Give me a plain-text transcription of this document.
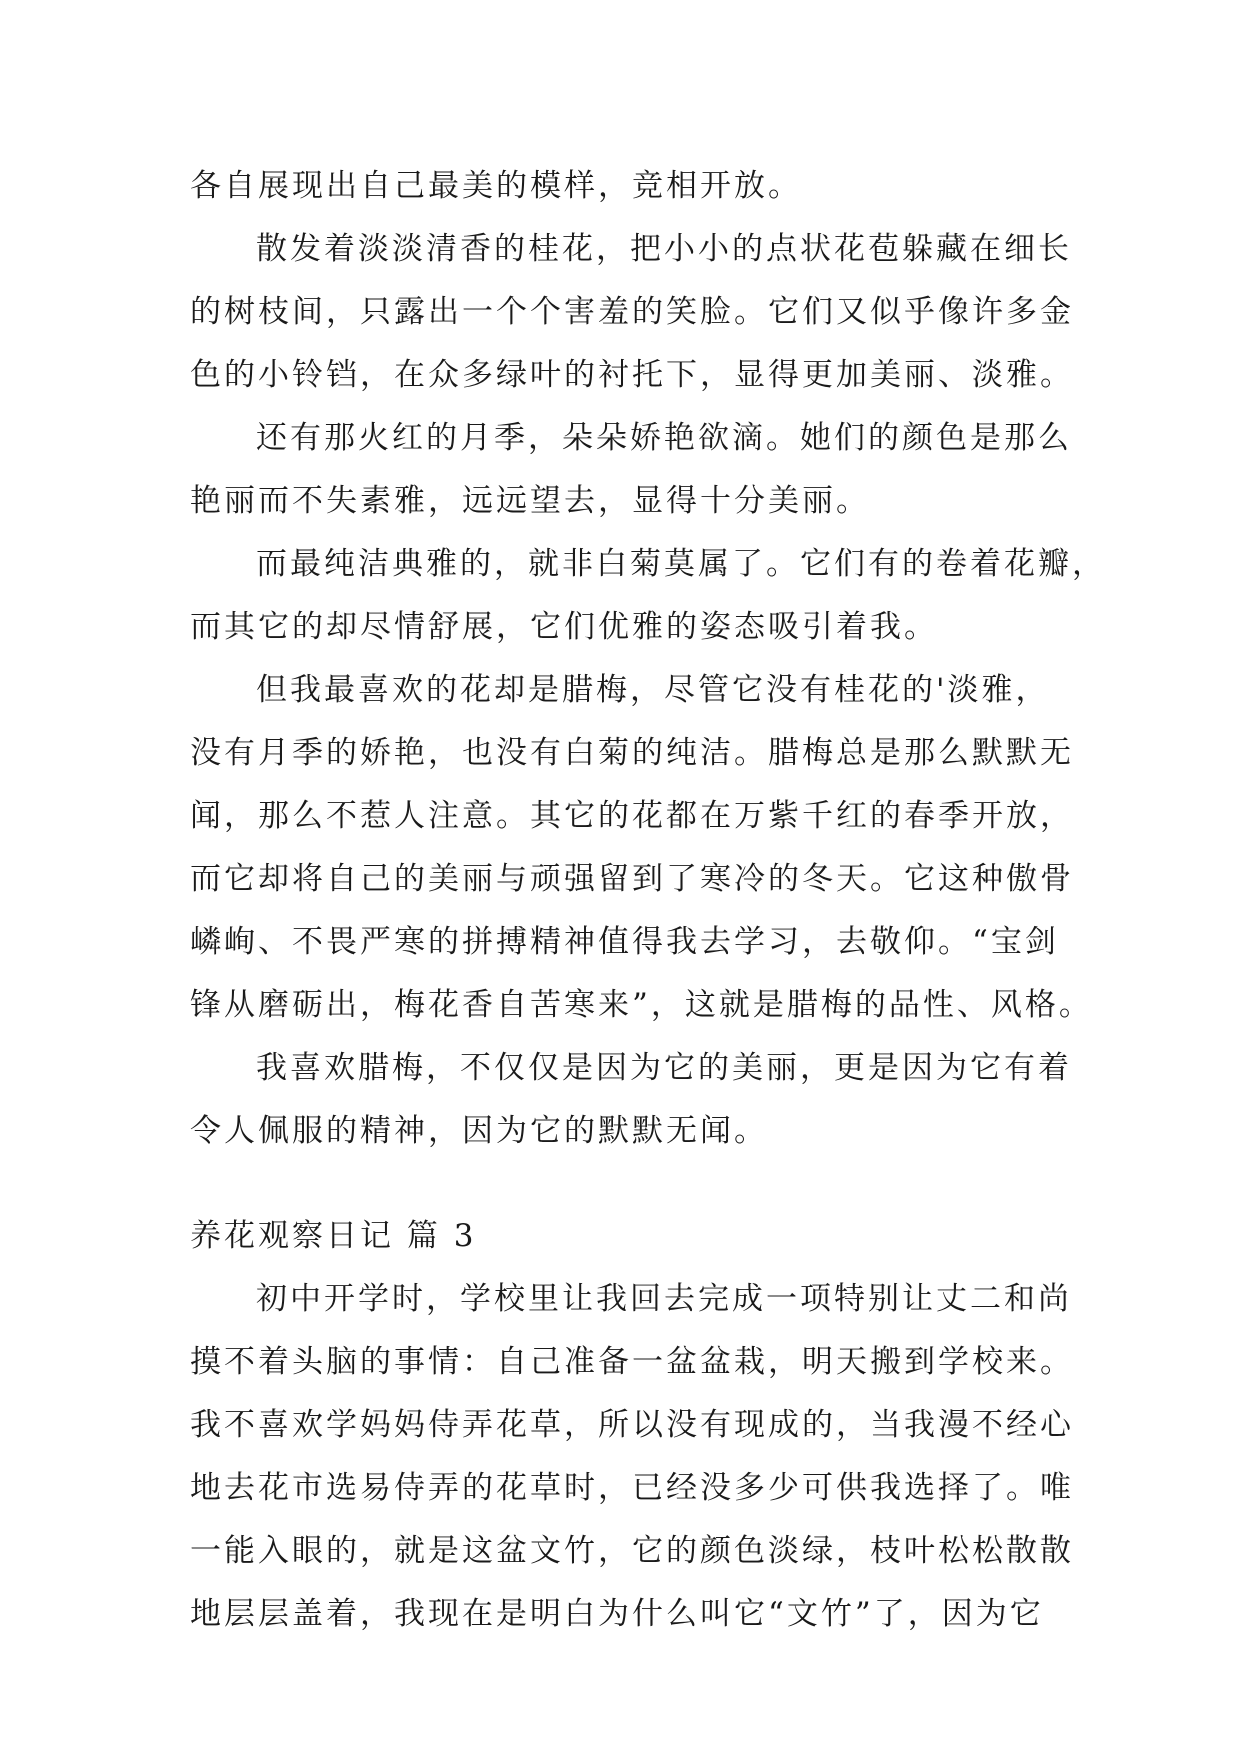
各自展现出自己最美的模样，竞相开放。
散发着淡淡清香的桂花，把小小的点状花苞躲藏在细长
的树枝间，只露出一个个害羞的笑脸。它们又似乎像许多金
色的小铃铛，在众多绿叶的衬托下，显得更加美丽、淡雅。
还有那火红的月季，朵朵娇艳欲滴。她们的颜色是那么
艳丽而不失素雅，远远望去，显得十分美丽。
而最纯洁典雅的，就非白菊莫属了。它们有的卷着花瓣，
而其它的却尽情舒展，它们优雅的姿态吸引着我。
但我最喜欢的花却是腊梅，尽管它没有桂花的'淡雅，
没有月季的娇艳，也没有白菊的纯洁。腊梅总是那么默默无
闻，那么不惹人注意。其它的花都在万紫千红的春季开放，
而它却将自己的美丽与顽强留到了寒冷的冬天。它这种傲骨
嶙峋、不畏严寒的拼搏精神值得我去学习，去敬仰。“宝剑
锋从磨砺出，梅花香自苦寒来”，这就是腊梅的品性、风格。
我喜欢腊梅，不仅仅是因为它的美丽，更是因为它有着
令人佩服的精神，因为它的默默无闻。
养花观察日记 篇 3
初中开学时，学校里让我回去完成一项特别让丈二和尚
摸不着头脑的事情：自己准备一盆盆栽，明天搬到学校来。
我不喜欢学妈妈侍弄花草，所以没有现成的，当我漫不经心
地去花市选易侍弄的花草时，已经没多少可供我选择了。唯
一能入眼的，就是这盆文竹，它的颜色淡绿，枝叶松松散散
地层层盖着，我现在是明白为什么叫它“文竹”了，因为它
